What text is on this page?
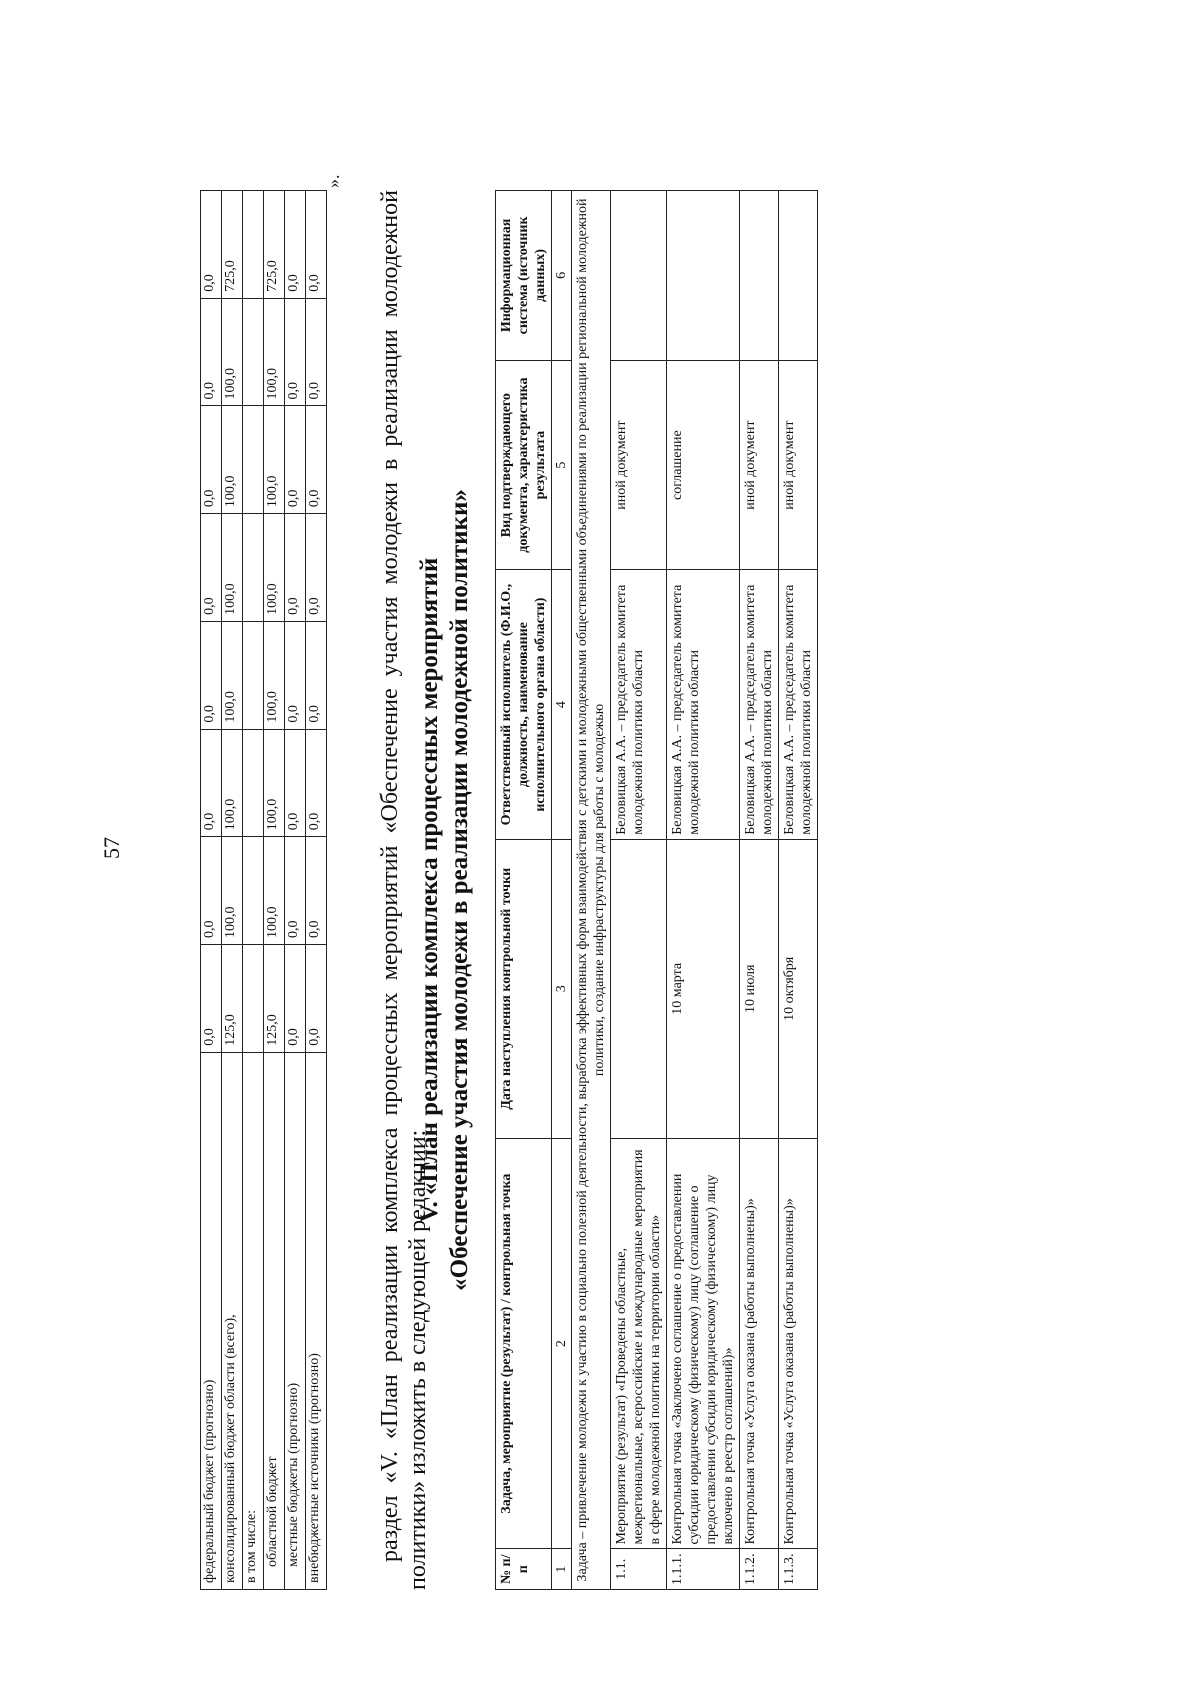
57
федеральный бюджет (прогнозно)	0,0	0,0	0,0	0,0	0,0	0,0	0,0	0,0
консолидированный бюджет области (всего),	125,0	100,0	100,0	100,0	100,0	100,0	100,0	725,0
в том числе:								
областной бюджет	125,0	100,0	100,0	100,0	100,0	100,0	100,0	725,0
местные бюджеты (прогнозно)	0,0	0,0	0,0	0,0	0,0	0,0	0,0	0,0
внебюджетные источники (прогнозно)	0,0	0,0	0,0	0,0	0,0	0,0	0,0	0,0
».

раздел «V. «План реализации комплекса процессных мероприятий «Обеспечение участия молодежи в реализации молодежной политики» изложить в следующей редакции:

V. «План реализации комплекса процессных мероприятий «Обеспечение участия молодежи в реализации молодежной политики»
№ п/п	Задача, мероприятие (результат) / контрольная точка	Дата наступления контрольной точки	Ответственный исполнитель (Ф.И.О., должность, наименование исполнительного органа области)	Вид подтверждающего документа, характеристика результата	Информационная система (источник данных)
1	2	3	4	5	6
Задача – привлечение молодежи к участию в социально полезной деятельности, выработка эффективных форм взаимодействия с детскими и молодежными общественными объединениями по реализации региональной молодежной политики, создание инфраструктуры для работы с молодежью					
1.1.	Мероприятие (результат) «Проведены областные, межрегиональные, всероссийские и международные мероприятия в сфере молодежной политики на территории области»		Беловицкая А.А. – председатель комитета молодежной политики области	иной документ	
1.1.1.	Контрольная точка «Заключено соглашение о предоставлении субсидии юридическому (физическому) лицу (соглашение о предоставлении субсидии юридическому (физическому) лицу включено в реестр соглашений)»	10 марта	Беловицкая А.А. – председатель комитета молодежной политики области	соглашение	
1.1.2.	Контрольная точка «Услуга оказана (работы выполнены)»	10 июля	Беловицкая А.А. – председатель комитета молодежной политики области	иной документ	
1.1.3.	Контрольная точка «Услуга оказана (работы выполнены)»	10 октября	Беловицкая А.А. – председатель комитета молодежной политики области	иной документ	
